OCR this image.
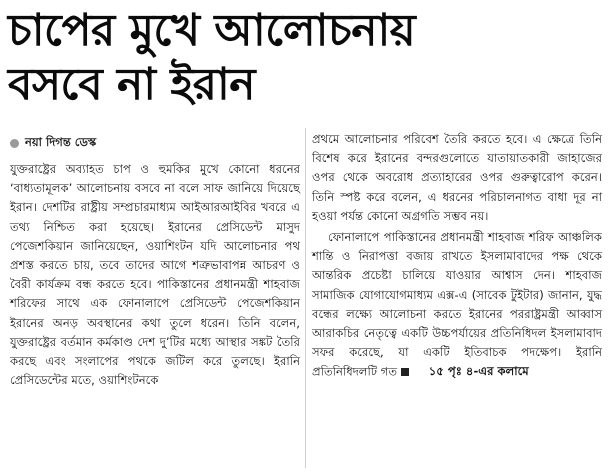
চাপের মুখে আলোচনায়
বসবে না ইরান
নয়া দিগন্ত ডেস্ক

যুক্তরাষ্ট্রের অব্যাহত চাপ ও হুমকির মুখে কোনো ধরনের ‘বাধ্যতামূলক’ আলোচনায় বসবে না বলে সাফ জানিয়ে দিয়েছে ইরান। দেশটির রাষ্ট্রীয় সম্প্রচারমাধ্যম আইআরআইবির খবরে এ তথ্য নিশ্চিত করা হয়েছে। ইরানের প্রেসিডেন্ট মাসুদ পেজেশকিয়ান জানিয়েছেন, ওয়াশিংটন যদি আলোচনার পথ প্রশস্ত করতে চায়, তবে তাদের আগে শত্রুভাবাপন্ন আচরণ ও বৈরী কার্যক্রম বন্ধ করতে হবে। পাকিস্তানের প্রধানমন্ত্রী শাহবাজ শরিফের সাথে এক ফোনালাপে প্রেসিডেন্ট পেজেশকিয়ান ইরানের অনড় অবস্থানের কথা তুলে ধরেন। তিনি বলেন, যুক্তরাষ্ট্রের বর্তমান কর্মকাণ্ড দেশ দু’টির মধ্যে আস্থার সঙ্কট তৈরি করছে এবং সংলাপের পথকে জটিল করে তুলছে। ইরানি প্রেসিডেন্টের মতে, ওয়াশিংটনকে

প্রথমে আলোচনার পরিবেশ তৈরি করতে হবে। এ ক্ষেত্রে তিনি বিশেষ করে ইরানের বন্দরগুলোতে যাতায়াতকারী জাহাজের ওপর থেকে অবরোধ প্রত্যাহারের ওপর গুরুত্বারোপ করেন। তিনি স্পষ্ট করে বলেন, এ ধরনের পরিচালনাগত বাধা দূর না হওয়া পর্যন্ত কোনো অগ্রগতি সম্ভব নয়।

ফোনালাপে পাকিস্তানের প্রধানমন্ত্রী শাহবাজ শরিফ আঞ্চলিক শান্তি ও নিরাপত্তা বজায় রাখতে ইসলামাবাদের পক্ষ থেকে আন্তরিক প্রচেষ্টা চালিয়ে যাওয়ার আশ্বাস দেন। শাহবাজ সামাজিক যোগাযোগমাধ্যম এক্স-এ (সাবেক টুইটার) জানান, যুদ্ধ বন্ধের লক্ষ্যে আলোচনা করতে ইরানের পররাষ্ট্রমন্ত্রী আব্বাস আরাকচির নেতৃত্বে একটি উচ্চপর্যায়ের প্রতিনিধিদল ইসলামাবাদ সফর করেছে, যা একটি ইতিবাচক পদক্ষেপ। ইরানি প্রতিনিধিদলটি গত	১৫ পৃঃ ৪-এর কলামে
